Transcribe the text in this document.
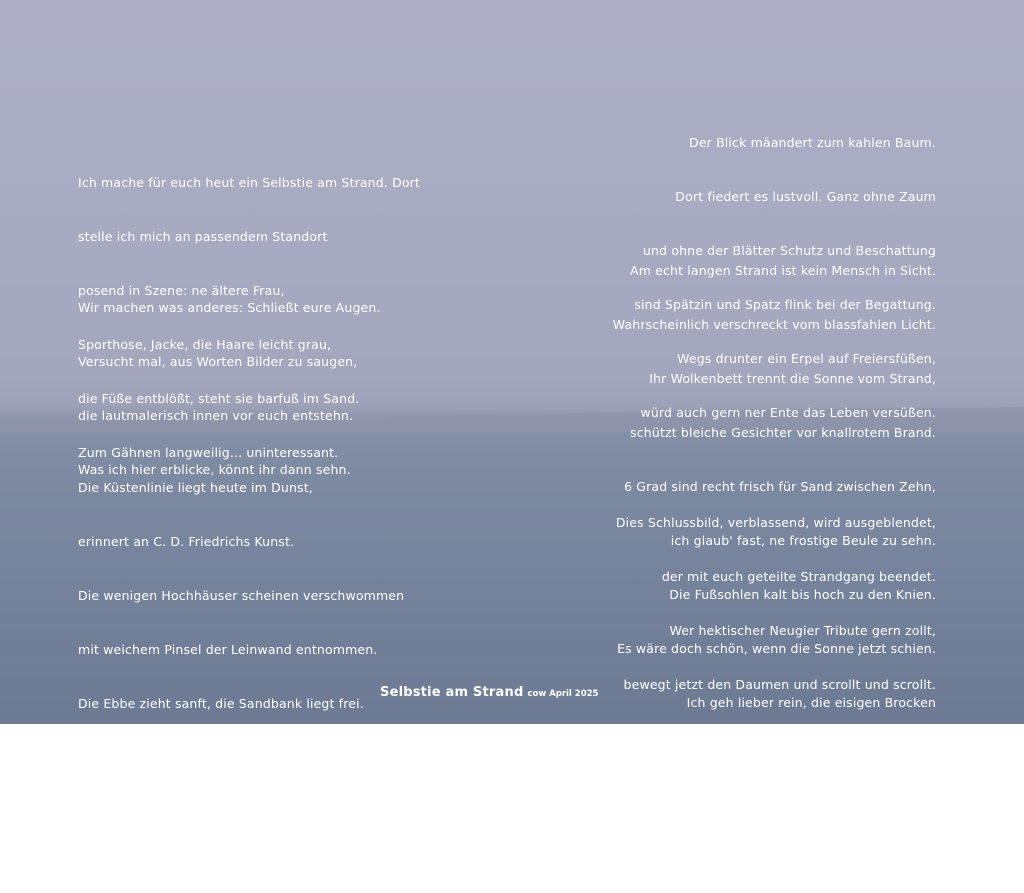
Ich mache für euch heut ein Selbstie am Strand. Dort

stelle ich mich an passendem Standort

posend in Szene: ne ältere Frau,

Sporthose, Jacke, die Haare leicht grau,

die Füße entblößt, steht sie barfuß im Sand.

Zum Gähnen langweilig... uninteressant.

Wir machen was anderes: Schließt eure Augen.

Versucht mal, aus Worten Bilder zu saugen,

die lautmalerisch innen vor euch entstehn.

Was ich hier erblicke, könnt ihr dann sehn.

Die Küstenlinie liegt heute im Dunst,

erinnert an C. D. Friedrichs Kunst.

Die wenigen Hochhäuser scheinen verschwommen

mit weichem Pinsel der Leinwand entnommen.

Die Ebbe zieht sanft, die Sandbank liegt frei.

Hunger im Blick scannt mit luftigem Schrei

die Möwe von oben den Algensalat,

hält er Muscheln zum zweiten Frühstück parat?

Der Blick mäandert zum kahlen Baum.

Dort fiedert es lustvoll. Ganz ohne Zaum

und ohne der Blätter Schutz und Beschattung

sind Spätzin und Spatz flink bei der Begattung.

Wegs drunter ein Erpel auf Freiersfüßen,

würd auch gern ner Ente das Leben versüßen.

Am echt langen Strand ist kein Mensch in Sicht.

Wahrscheinlich verschreckt vom blassfahlen Licht.

Ihr Wolkenbett trennt die Sonne vom Strand,

schützt bleiche Gesichter vor knallrotem Brand.

6 Grad sind recht frisch für Sand zwischen Zehn,

ich glaub' fast, ne frostige Beule zu sehn.

Die Fußsohlen kalt bis hoch zu den Knien.

Es wäre doch schön, wenn die Sonne jetzt schien.

Ich geh lieber rein, die eisigen Brocken

brauchen Heißwasser und wärmende Socken.

Dies Schlussbild, verblassend, wird ausgeblendet,

der mit euch geteilte Strandgang beendet.

Wer hektischer Neugier Tribute gern zollt,

bewegt jetzt den Daumen und scrollt und scrollt.

Wer nicht, lässt nach diesem Belangloses-Teilen

den Eindruck genießend zwanglos verweilen.

Selbstie am Strand cow April 2025
